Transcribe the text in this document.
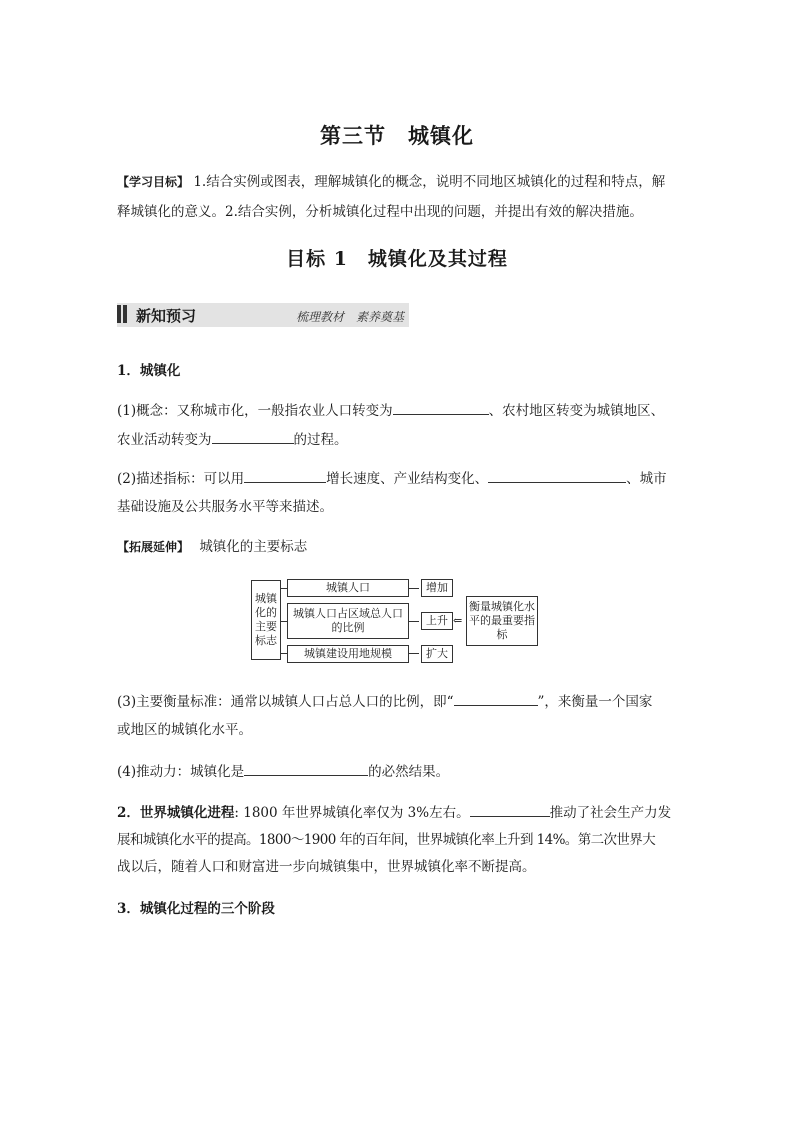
第三节　城镇化
【学习目标】 1.结合实例或图表，理解城镇化的概念，说明不同地区城镇化的过程和特点，解
释城镇化的意义。2.结合实例，分析城镇化过程中出现的问题，并提出有效的解决措施。
目标 1　城镇化及其过程
新知预习	梳理教材　素养奠基
1．城镇化
(1)概念：又称城市化，一般指农业人口转变为	、农村地区转变为城镇地区、
农业活动转变为	的过程。
(2)描述指标：可以用	增长速度、产业结构变化、	、城市
基础设施及公共服务水平等来描述。
【拓展延伸】 城镇化的主要标志
城镇化的主要标志
城镇人口
城镇人口占区域总人口的比例
城镇建设用地规模
增加
上升
扩大
⇐
衡量城镇化水平的最重要指标
(3)主要衡量标准：通常以城镇人口占总人口的比例，即“	”，来衡量一个国家
或地区的城镇化水平。
(4)推动力：城镇化是	的必然结果。
2．世界城镇化进程: 1800 年世界城镇化率仅为 3%左右。	推动了社会生产力发
展和城镇化水平的提高。1800～1900 年的百年间，世界城镇化率上升到 14%。第二次世界大
战以后，随着人口和财富进一步向城镇集中，世界城镇化率不断提高。
3．城镇化过程的三个阶段
